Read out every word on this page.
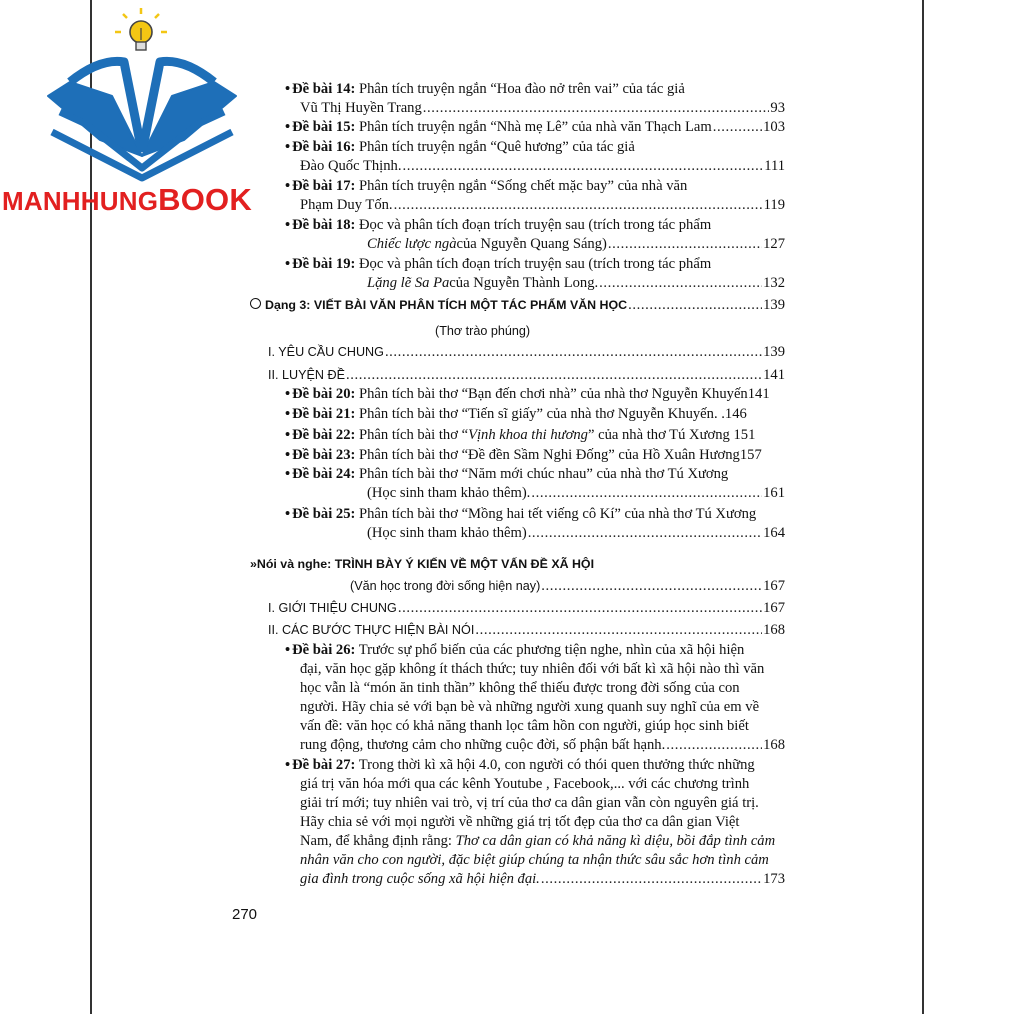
MANHHUNGBOOK
• Đề bài 14: Phân tích truyện ngắn “Hoa đào nở trên vai” của tác giả
Vũ Thị Huyền Trang .....	93
• Đề bài 15:
Phân tích truyện ngắn “Nhà mẹ Lê” của nhà văn Thạch Lam .....	103
• Đề bài 16: Phân tích truyện ngắn “Quê hương” của tác giả
Đào Quốc Thịnh. .....	111
• Đề bài 17: Phân tích truyện ngắn “Sống chết mặc bay” của nhà văn
Phạm Duy Tốn. .....	119
• Đề bài 18: Đọc và phân tích đoạn trích truyện sau (trích trong tác phẩm
Chiếc lược ngà của Nguyễn Quang Sáng) .....	127
• Đề bài 19: Đọc và phân tích đoạn trích truyện sau (trích trong tác phẩm
Lặng lẽ Sa Pa của Nguyễn Thành Long. .....	132
Dạng 3: VIẾT BÀI VĂN PHÂN TÍCH MỘT TÁC PHẨM VĂN HỌC .....	139
(Thơ trào phúng)
I. YÊU CẦU CHUNG .....	139
II. LUYỆN ĐỀ .....	141
• Đề bài 20: Phân tích bài thơ “Bạn đến chơi nhà” của nhà thơ Nguyễn Khuyến141
• Đề bài 21: Phân tích bài thơ “Tiến sĩ giấy” của nhà thơ Nguyễn Khuyến. .146
• Đề bài 22: Phân tích bài thơ “Vịnh khoa thi hương” của nhà thơ Tú Xương 151
• Đề bài 23: Phân tích bài thơ “Đề đền Sầm Nghi Đống” của Hồ Xuân Hương157
• Đề bài 24: Phân tích bài thơ “Năm mới chúc nhau” của nhà thơ Tú Xương
(Học sinh tham khảo thêm). .....	161
• Đề bài 25: Phân tích bài thơ “Mồng hai tết viếng cô Kí” của nhà thơ Tú Xương
(Học sinh tham khảo thêm) .....	164
»Nói và nghe: TRÌNH BÀY Ý KIẾN VỀ MỘT VẤN ĐỀ XÃ HỘI
(Văn học trong đời sống hiện nay) .....	167
I. GIỚI THIỆU CHUNG .....	167
II. CÁC BƯỚC THỰC HIỆN BÀI NÓI .....	168
• Đề bài 26: Trước sự phổ biến của các phương tiện nghe, nhìn của xã hội hiện
đại, văn học gặp không ít thách thức; tuy nhiên đối với bất kì xã hội nào thì văn
học vẫn là “món ăn tinh thần” không thể thiếu được trong đời sống của con
người. Hãy chia sẻ với bạn bè và những người xung quanh suy nghĩ của em về
vấn đề: văn học có khả năng thanh lọc tâm hồn con người, giúp học sinh biết
rung động, thương cảm cho những cuộc đời, số phận bất hạnh. .....	168
• Đề bài 27: Trong thời kì xã hội 4.0, con người có thói quen thưởng thức những
giá trị văn hóa mới qua các kênh Youtube , Facebook,... với các chương trình
giải trí mới; tuy nhiên vai trò, vị trí của thơ ca dân gian vẫn còn nguyên giá trị.
Hãy chia sẻ với mọi người về những giá trị tốt đẹp của thơ ca dân gian Việt
Nam, để khẳng định rằng: Thơ ca dân gian có khả năng kì diệu, bồi đắp tình cảm
nhân văn cho con người, đặc biệt giúp chúng ta nhận thức sâu sắc hơn tình cảm
gia đình trong cuộc sống xã hội hiện đại. .....	173
270
